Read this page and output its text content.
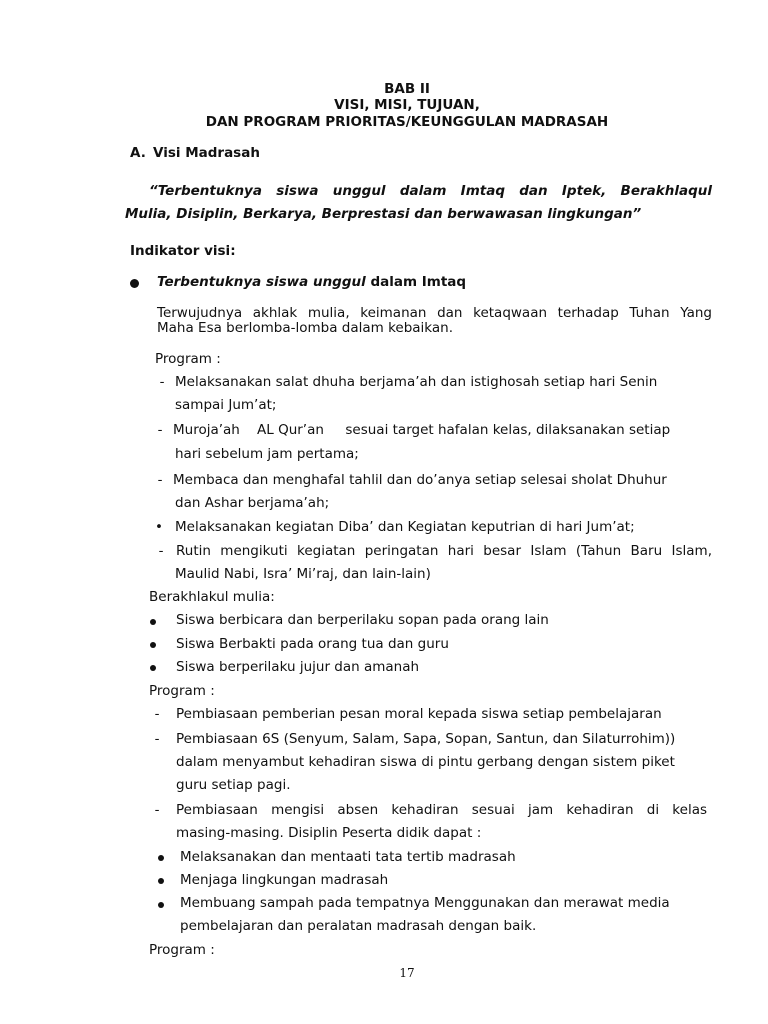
BAB II
VISI, MISI, TUJUAN,
DAN PROGRAM PRIORITAS/KEUNGGULAN MADRASAH
A. Visi Madrasah
“Terbentuknya siswa unggul dalam Imtaq dan Iptek, Berakhlaqul
Mulia, Disiplin, Berkarya, Berprestasi dan berwawasan lingkungan”
Indikator visi:
Terbentuknya siswa unggul dalam Imtaq
Terwujudnya akhlak mulia, keimanan dan ketaqwaan terhadap Tuhan Yang
Maha Esa berlomba-lomba dalam kebaikan.
Program :
- Melaksanakan salat dhuha berjama’ah dan istighosah setiap hari Senin
sampai Jum’at;
- Muroja’ah    AL Qur’an     sesuai target hafalan kelas, dilaksanakan setiap
hari sebelum jam pertama;
- Membaca dan menghafal tahlil dan do’anya setiap selesai sholat Dhuhur
dan Ashar berjama’ah;
• Melaksanakan kegiatan Diba’ dan Kegiatan keputrian di hari Jum’at;
- Rutin mengikuti kegiatan peringatan hari besar Islam (Tahun Baru Islam,
Maulid Nabi, Isra’ Mi’raj, dan lain-lain)
Berakhlakul mulia:
Siswa berbicara dan berperilaku sopan pada orang lain
Siswa Berbakti pada orang tua dan guru
Siswa berperilaku jujur dan amanah
Program :
- Pembiasaan pemberian pesan moral kepada siswa setiap pembelajaran
- Pembiasaan 6S (Senyum, Salam, Sapa, Sopan, Santun, dan Silaturrohim))
dalam menyambut kehadiran siswa di pintu gerbang dengan sistem piket
guru setiap pagi.
- Pembiasaan mengisi absen kehadiran sesuai jam kehadiran di kelas
masing-masing. Disiplin Peserta didik dapat :
Melaksanakan dan mentaati tata tertib madrasah
Menjaga lingkungan madrasah
Membuang sampah pada tempatnya Menggunakan dan merawat media
pembelajaran dan peralatan madrasah dengan baik.
Program :
17
